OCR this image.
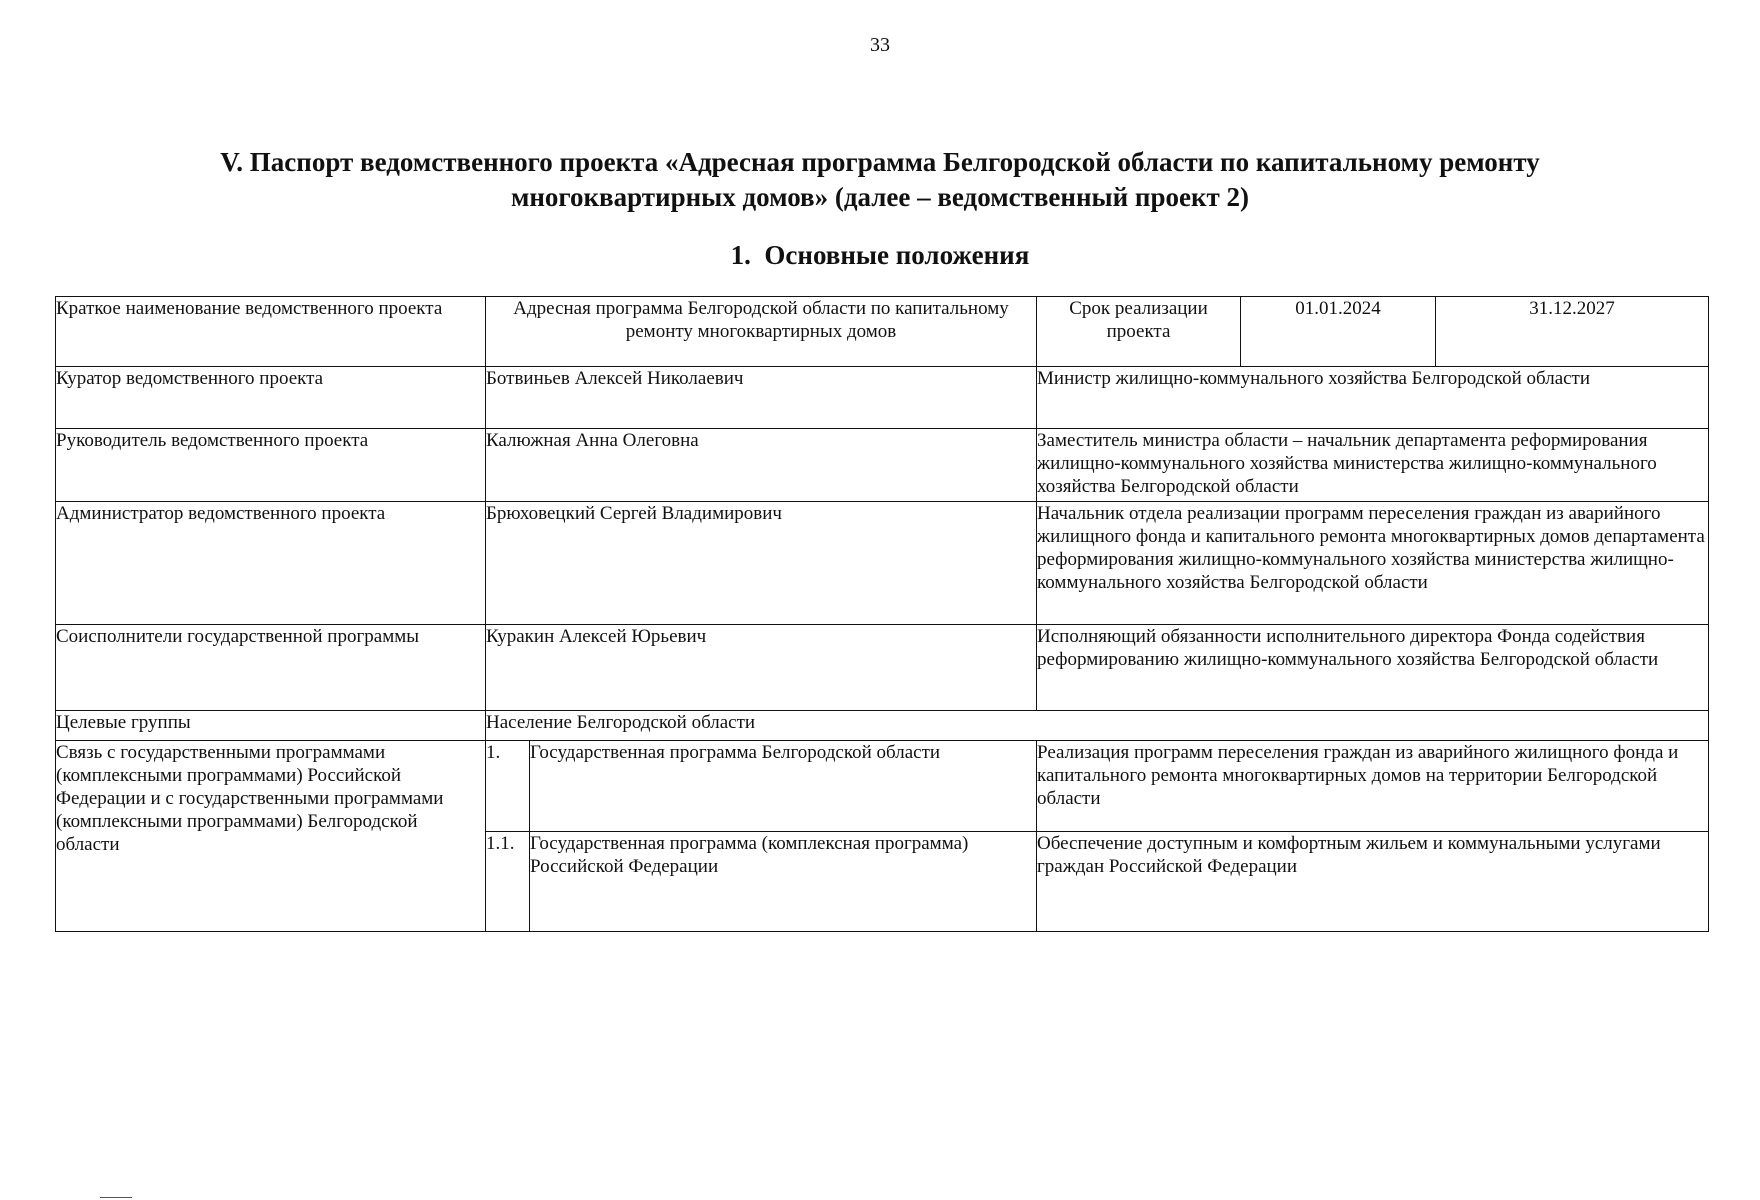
33
V. Паспорт ведомственного проекта «Адресная программа Белгородской области по капитальному ремонту
многоквартирных домов» (далее – ведомственный проект 2)
1.  Основные положения
Краткое наименование ведомственного проекта	Адресная программа Белгородской области по капитальному ремонту многоквартирных домов		Срок реализации проекта	01.01.2024	31.12.2027
Куратор ведомственного проекта	Ботвиньев Алексей Николаевич		Министр жилищно-коммунального хозяйства Белгородской области		
Руководитель ведомственного проекта	Калюжная Анна Олеговна		Заместитель министра области – начальник департамента реформирования жилищно-коммунального хозяйства министерства жилищно-коммунального хозяйства Белгородской области		
Администратор ведомственного проекта	Брюховецкий Сергей Владимирович		Начальник отдела реализации программ переселения граждан из аварийного жилищного фонда и капитального ремонта многоквартирных домов департамента реформирования жилищно-коммунального хозяйства министерства жилищно-коммунального хозяйства Белгородской области		
Соисполнители государственной программы	Куракин Алексей Юрьевич		Исполняющий обязанности исполнительного директора Фонда содействия реформированию жилищно-коммунального хозяйства Белгородской области		
Целевые группы	Население Белгородской области				
Связь с государственными программами (комплексными программами) Российской Федерации и с государственными программами (комплексными программами) Белгородской области	1.	Государственная программа Белгородской области	Реализация программ переселения граждан из аварийного жилищного фонда и капитального ремонта многоквартирных домов на территории Белгородской области		
	1.1.	Государственная программа (комплексная программа) Российской Федерации	Обеспечение доступным и комфортным жильем и коммунальными услугами граждан Российской Федерации		
